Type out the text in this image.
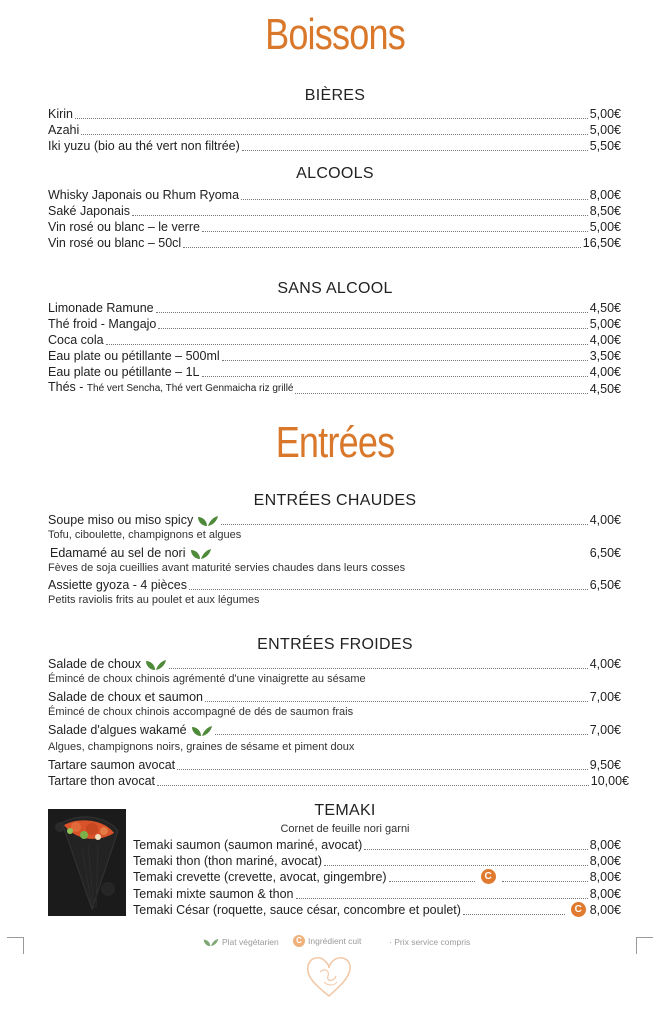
Boissons
BIÈRES
Kirin	5,00€
Azahi	5,00€
Iki yuzu (bio au thé vert non filtrée)	5,50€
ALCOOLS
Whisky Japonais ou Rhum Ryoma	8,00€
Saké Japonais	8,50€
Vin rosé ou blanc – le verre	5,00€
Vin rosé ou blanc – 50cl	16,50€
SANS ALCOOL
Limonade Ramune	4,50€
Thé froid - Mangajo	5,00€
Coca cola	4,00€
Eau plate ou pétillante – 500ml	3,50€
Eau plate ou pétillante – 1L	4,00€
Thés - Thé vert Sencha, Thé vert Genmaicha riz grillé	4,50€
Entrées
ENTRÉES CHAUDES
Soupe miso ou miso spicy	4,00€
Tofu, ciboulette, champignons et algues
Edamamé au sel de nori	6,50€
Fèves de soja cueillies avant maturité servies chaudes dans leurs cosses
Assiette gyoza - 4 pièces	6,50€
Petits raviolis frits au poulet et aux légumes
ENTRÉES FROIDES
Salade de choux	4,00€
Émincé de choux chinois agrémenté d'une vinaigrette au sésame
Salade de choux et saumon	7,00€
Émincé de choux chinois accompagné de dés de saumon frais
Salade d'algues wakamé	7,00€
Algues, champignons noirs, graines de sésame et piment doux
Tartare saumon avocat	9,50€
Tartare thon avocat	10,00€
TEMAKI
Cornet de feuille nori garni
Temaki saumon (saumon mariné, avocat)	8,00€
Temaki thon (thon mariné, avocat)	8,00€
Temaki crevette (crevette, avocat, gingembre)	C	8,00€
Temaki mixte saumon & thon	8,00€
Temaki César (roquette, sauce césar, concombre et poulet)	C 8,00€
Plat végétarien	C Ingrédient cuit	· Prix service compris
